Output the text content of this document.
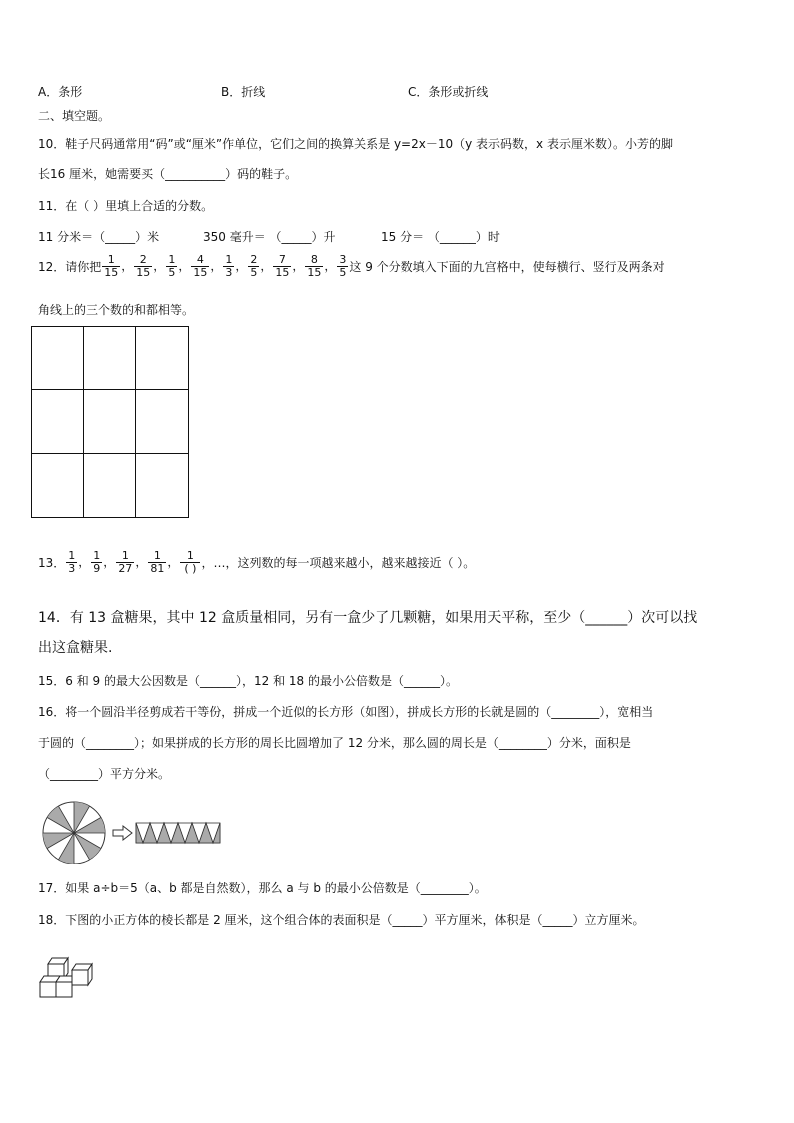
A．条形	B．折线	C．条形或折线
二、填空题。
10．鞋子尺码通常用“码”或“厘米”作单位，它们之间的换算关系是 y=2x－10（y 表示码数，x 表示厘米数）。小芳的脚
长16 厘米，她需要买（__________）码的鞋子。
11．在（ ）里填上合适的分数。
11 分米＝（_____）米	350 毫升＝ （_____）升	15 分＝ （______）时
12．请你把 $\frac{1}{15}$ ， $\frac{2}{15}$ ， $\frac{1}{5}$ ， $\frac{4}{15}$ ， $\frac{1}{3}$ ， $\frac{2}{5}$ ， $\frac{7}{15}$ ， $\frac{8}{15}$ ， $\frac{3}{5}$ 这 9 个分数填入下面的九宫格中，使每横行、竖行及两条对
角线上的三个数的和都相等。
13． $\frac{1}{3}$ ， $\frac{1}{9}$ ， $\frac{1}{27}$ ， $\frac{1}{81}$ ， 1
( ) ，…，这列数的每一项越来越小，越来越接近（ ）。
14．有 13 盒糖果，其中 12 盒质量相同，另有一盒少了几颗糖，如果用天平称，至少（______）次可以找
出这盒糖果.
15．6 和 9 的最大公因数是（______），12 和 18 的最小公倍数是（______）。
16．将一个圆沿半径剪成若干等份，拼成一个近似的长方形（如图），拼成长方形的长就是圆的（________），宽相当
于圆的（________）；如果拼成的长方形的周长比圆增加了 12 分米，那么圆的周长是（________）分米，面积是
（________）平方分米。
17．如果 a÷b＝5（a、b 都是自然数），那么 a 与 b 的最小公倍数是（________）。
18．下图的小正方体的棱长都是 2 厘米，这个组合体的表面积是（_____）平方厘米，体积是（_____）立方厘米。
